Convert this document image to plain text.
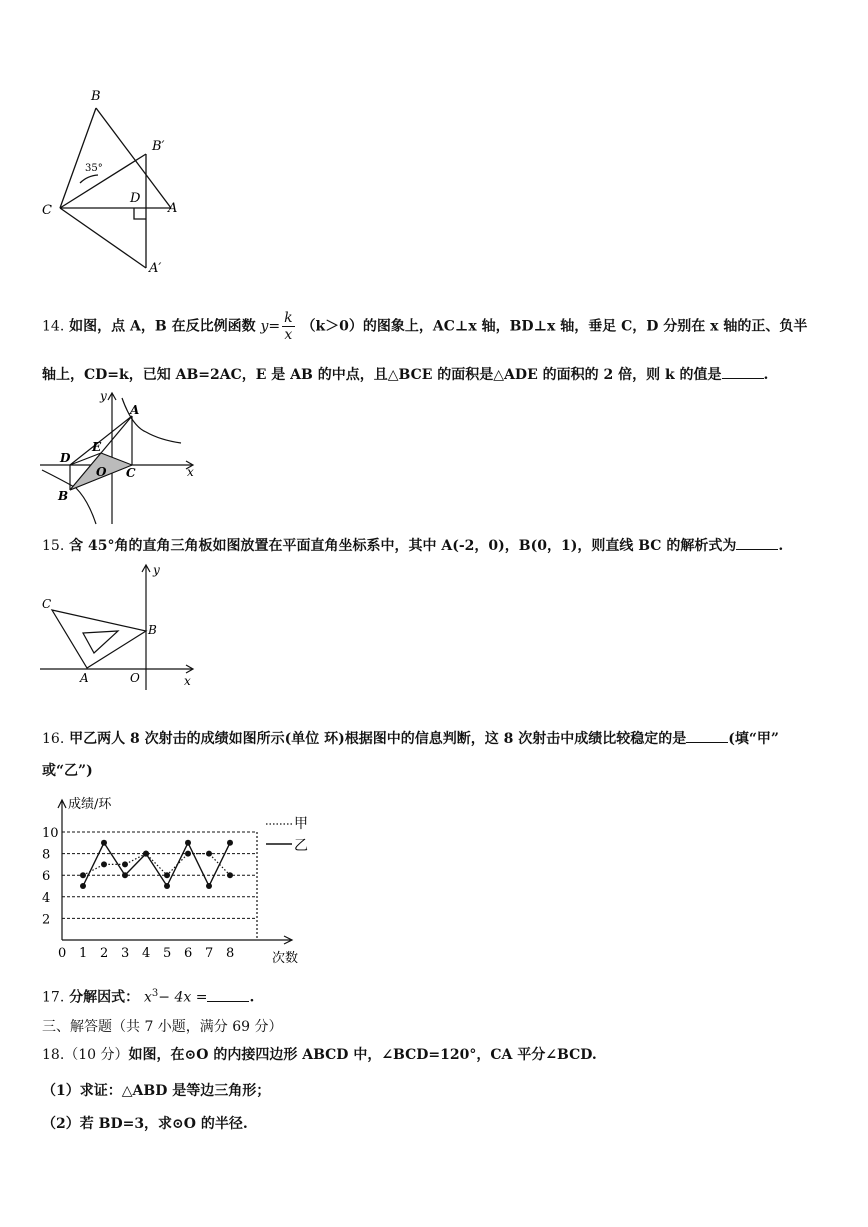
B
B′
C
D
A
A′
35°
14. 如图，点 A，B 在反比例函数 $y= \frac{k}{x} (k>0)$的图象上，AC⊥x 轴，BD⊥x 轴，垂足 C，D 分别在 x 轴的正、负半
轴上，CD=k，已知 AB=2AC，E 是 AB 的中点，且△BCE 的面积是△ADE 的面积的 2 倍，则 k 的值是	.
y
x
A
B
C
D
E
O
15. 含 45°角的直角三角板如图放置在平面直角坐标系中，其中 A(-2，0)，B(0，1)，则直线 BC 的解析式为	.
y
x
C
B
A	O
16. 甲乙两人 8 次射击的成绩如图所示(单位 环)根据图中的信息判断，这 8 次射击中成绩比较稳定的是	(填“甲”
或“乙”)
成绩/环
次数
2
4
6
8
10
0 1 2 3 4 5 6 7 8
甲
乙
17. 分解因式： $x^3- 4x$ =	.
三、解答题（共 7 小题，满分 69 分）
18.（10 分）如图，在⊙O 的内接四边形 ABCD 中，∠BCD=120°，CA 平分∠BCD.
（1）求证：△ABD 是等边三角形；
（2）若 BD=3，求⊙O 的半径.
